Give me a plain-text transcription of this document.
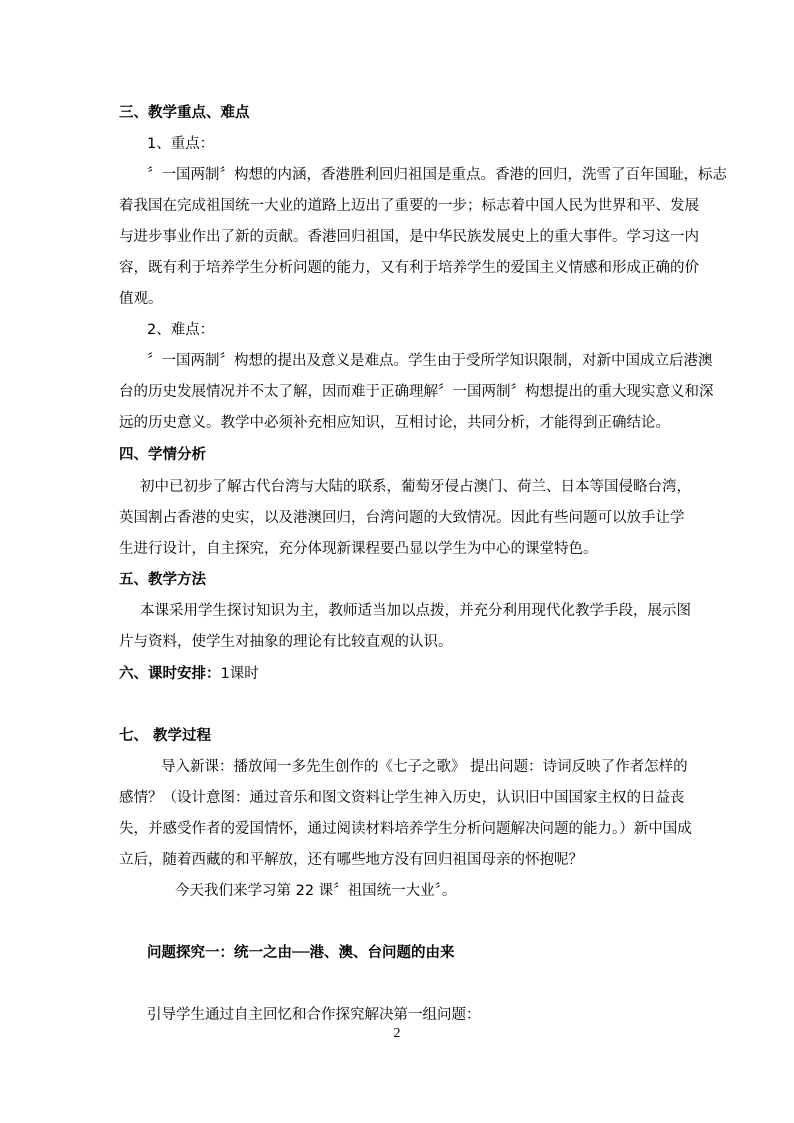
三、教学重点、难点
1、重点：
〞一国两制〞构想的内涵，香港胜利回归祖国是重点。香港的回归，洗雪了百年国耻，标志
着我国在完成祖国统一大业的道路上迈出了重要的一步；标志着中国人民为世界和平、发展
与进步事业作出了新的贡献。香港回归祖国，是中华民族发展史上的重大事件。学习这一内
容，既有利于培养学生分析问题的能力，又有利于培养学生的爱国主义情感和形成正确的价
值观。
2、难点：
〞一国两制〞构想的提出及意义是难点。学生由于受所学知识限制，对新中国成立后港澳
台的历史发展情况并不太了解，因而难于正确理解〞一国两制〞构想提出的重大现实意义和深
远的历史意义。教学中必须补充相应知识，互相讨论，共同分析，才能得到正确结论。
四、学情分析
初中已初步了解古代台湾与大陆的联系，葡萄牙侵占澳门、荷兰、日本等国侵略台湾，
英国割占香港的史实，以及港澳回归，台湾问题的大致情况。因此有些问题可以放手让学
生进行设计，自主探究，充分体现新课程要凸显以学生为中心的课堂特色。
五、教学方法
本课采用学生探讨知识为主，教师适当加以点拨，并充分利用现代化教学手段，展示图
片与资料，使学生对抽象的理论有比较直观的认识。
六、课时安排：1课时
七、 教学过程
导入新课：播放闻一多先生创作的《七子之歌》 提出问题：诗词反映了作者怎样的
感情？（设计意图：通过音乐和图文资料让学生神入历史，认识旧中国国家主权的日益丧
失，并感受作者的爱国情怀，通过阅读材料培养学生分析问题解决问题的能力。）新中国成
立后，随着西藏的和平解放，还有哪些地方没有回归祖国母亲的怀抱呢？
今天我们来学习第 22 课〞祖国统一大业〞。
问题探究一：统一之由──港、澳、台问题的由来
引导学生通过自主回忆和合作探究解决第一组问题：
2
